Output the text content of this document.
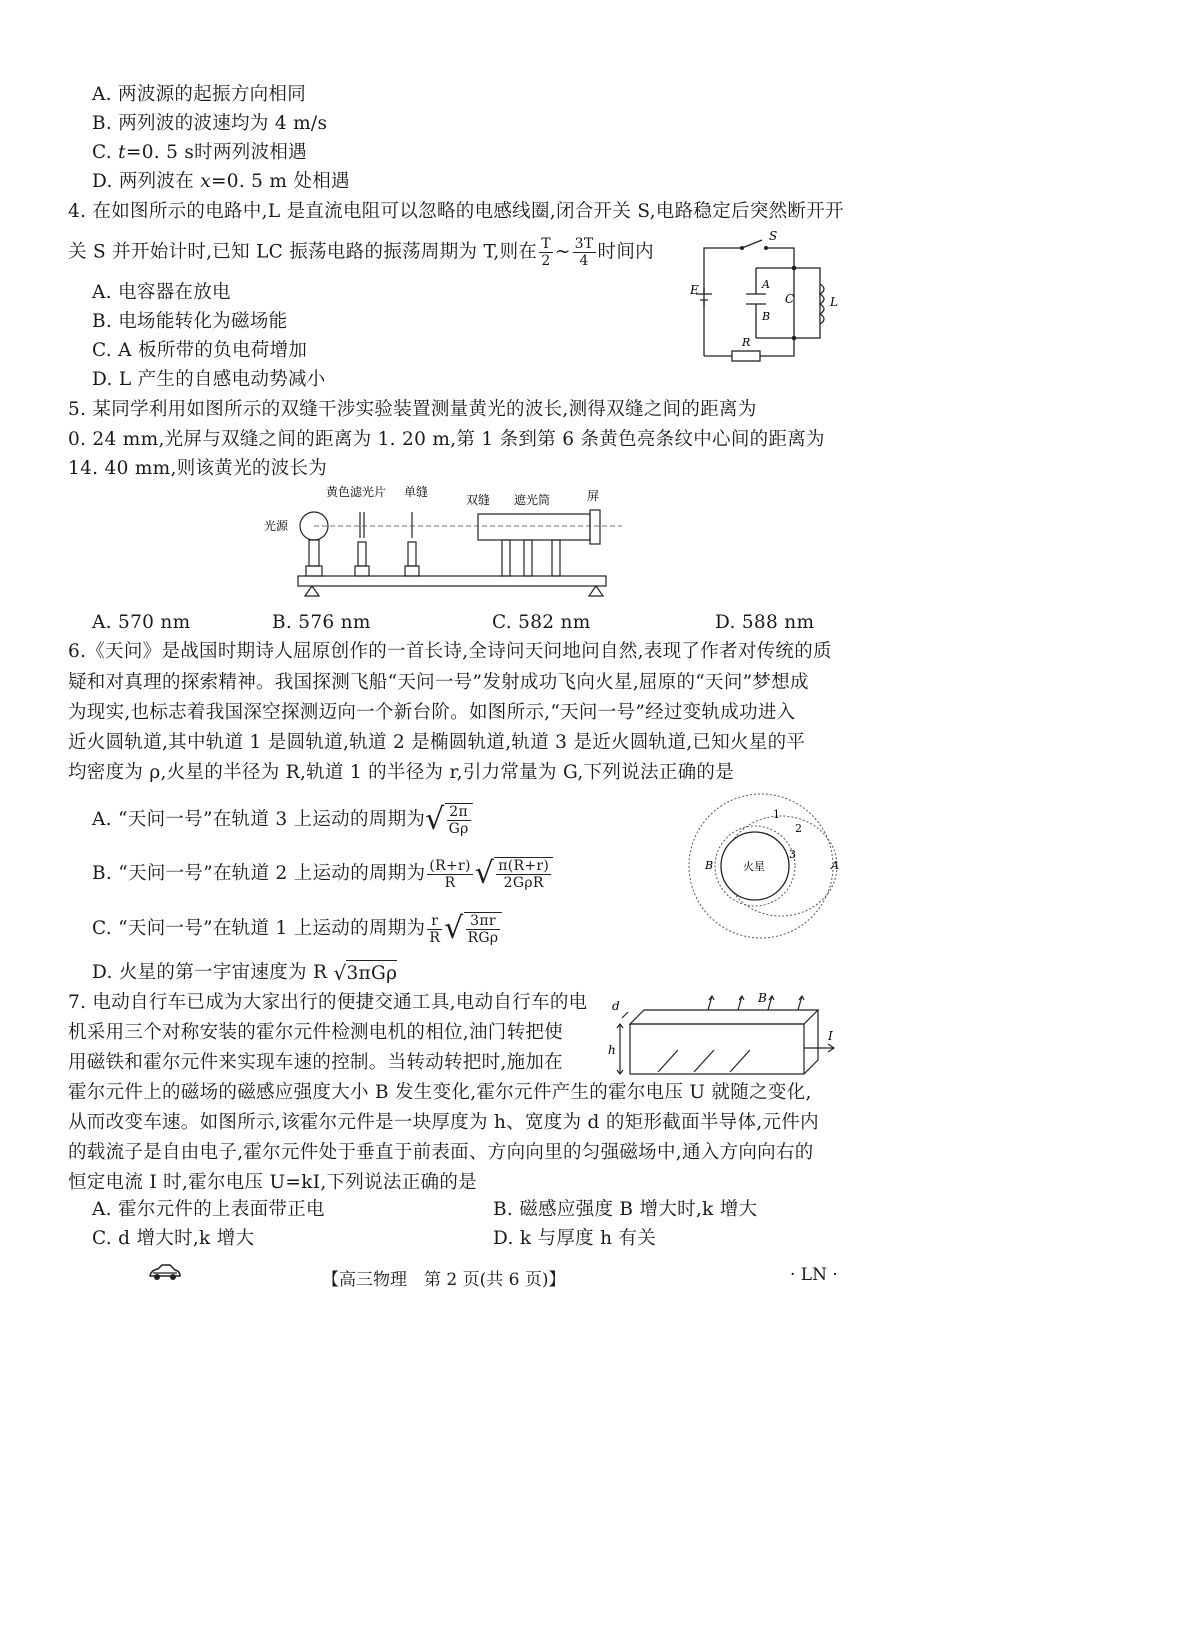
A. 两波源的起振方向相同
B. 两列波的波速均为 4 m/s
C. t=0. 5 s时两列波相遇
D. 两列波在 x=0. 5 m 处相遇
4. 在如图所示的电路中,L 是直流电阻可以忽略的电感线圈,闭合开关 S,电路稳定后突然断开开
关 S 并开始计时,已知 LC 振荡电路的振荡周期为 T,则在 $\frac{T}{2}$ ~ $\frac{3T}{4}$ 时间内
A. 电容器在放电
B. 电场能转化为磁场能
C. A 板所带的负电荷增加
D. L 产生的自感电动势减小
S
E	A
C
B
L
R
5. 某同学利用如图所示的双缝干涉实验装置测量黄光的波长,测得双缝之间的距离为
0. 24 mm,光屏与双缝之间的距离为 1. 20 m,第 1 条到第 6 条黄色亮条纹中心间的距离为
14. 40 mm,则该黄光的波长为
光源
黄色滤光片 单缝
双缝 遮光筒	屏
A. 570 nm	B. 576 nm	C. 582 nm	D. 588 nm
6.《天问》是战国时期诗人屈原创作的一首长诗,全诗问天问地问自然,表现了作者对传统的质
疑和对真理的探索精神。我国探测飞船“天问一号”发射成功飞向火星,屈原的“天问”梦想成
为现实,也标志着我国深空探测迈向一个新台阶。如图所示,“天问一号”经过变轨成功进入
近火圆轨道,其中轨道 1 是圆轨道,轨道 2 是椭圆轨道,轨道 3 是近火圆轨道,已知火星的平
均密度为 ρ,火星的半径为 R,轨道 1 的半径为 r,引力常量为 G,下列说法正确的是
A. “天问一号”在轨道 3 上运动的周期为√ $\frac{2\pi}{G\rho}$
B. “天问一号”在轨道 2 上运动的周期为 $\frac{(R+r)}{R}$ √ $\frac{\pi(R+r)}{\text{2GρR}}$
C. “天问一号”在轨道 1 上运动的周期为 $\frac{r}{R}$ √ $\frac{3\pi r}{\text{RGρ}}$
D. 火星的第一宇宙速度为 R √3πGρ
火星
1
2
3
B	A
7. 电动自行车已成为大家出行的便捷交通工具,电动自行车的电
机采用三个对称安装的霍尔元件检测电机的相位,油门转把使
用磁铁和霍尔元件来实现车速的控制。当转动转把时,施加在
霍尔元件上的磁场的磁感应强度大小 B 发生变化,霍尔元件产生的霍尔电压 U 就随之变化,
从而改变车速。如图所示,该霍尔元件是一块厚度为 h、宽度为 d 的矩形截面半导体,元件内
的载流子是自由电子,霍尔元件处于垂直于前表面、方向向里的匀强磁场中,通入方向向右的
恒定电流 I 时,霍尔电压 U=kI,下列说法正确的是
A. 霍尔元件的上表面带正电	B. 磁感应强度 B 增大时,k 增大
C. d 增大时,k 增大	D. k 与厚度 h 有关
d
h
B
I
【高三物理　第 2 页(共 6 页)】	· LN ·
